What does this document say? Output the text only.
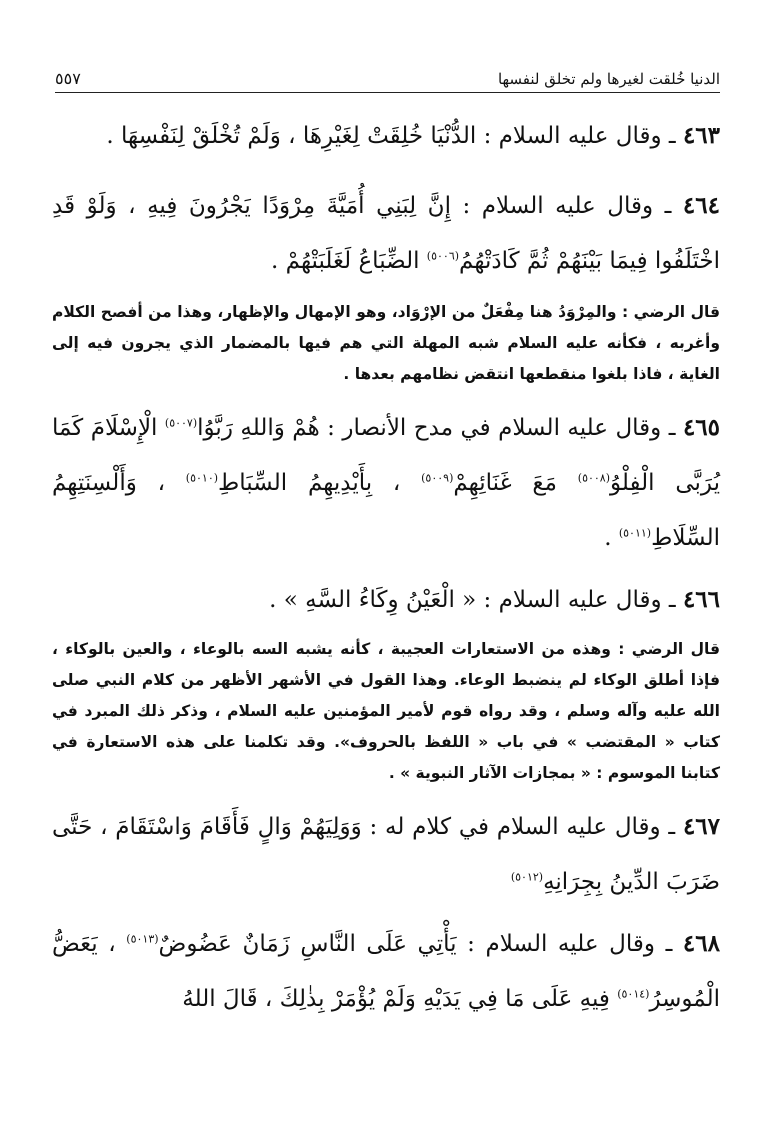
الدنيا خُلقت لغيرها ولم تخلق لنفسها
٥٥٧

٤٦٣ ـ وقال عليه السلام : الدُّنْيَا خُلِقَتْ لِغَيْرِهَا ، وَلَمْ تُخْلَقْ لِنَفْسِهَا .

٤٦٤ ـ وقال عليه السلام : إِنَّ لِبَنِي أُمَيَّةَ مِرْوَدًا يَجْرُونَ فِيهِ ، وَلَوْ قَدِ اخْتَلَفُوا فِيمَا بَيْنَهُمْ ثُمَّ كَادَتْهُمُ$^{(٥٠٠٦)}$ الضِّبَاعُ لَغَلَبَتْهُمْ .

قال الرضي : والمِرْوَدُ هنا مِفْعَلٌ من الإرْوَاد، وهو الإمهال والإظهار، وهذا من أفصح الكلام وأغربه ، فكأنه عليه السلام شبه المهلة التي هم فيها بالمضمار الذي يجرون فيه إلى الغاية ، فاذا بلغوا منقطعها انتقض نظامهم بعدها .

٤٦٥ ـ وقال عليه السلام في مدح الأنصار : هُمْ وَاللهِ رَبَّوُا$^{(٥٠٠٧)}$ الْإِسْلَامَ كَمَا يُرَبَّى الْفِلْوُ$^{(٥٠٠٨)}$ مَعَ غَنَائِهِمْ$^{(٥٠٠٩)}$ ، بِأَيْدِيهِمُ السِّبَاطِ$^{(٥٠١٠)}$ ، وَأَلْسِنَتِهِمُ السِّلَاطِ$^{(٥٠١١)}$ .

٤٦٦ ـ وقال عليه السلام : « الْعَيْنُ وِكَاءُ السَّهِ » .

قال الرضي : وهذه من الاستعارات العجيبة ، كأنه يشبه السه بالوعاء ، والعين بالوكاء ، فإذا أطلق الوكاء لم ينضبط الوعاء. وهذا القول في الأشهر الأظهر من كلام النبي صلى الله عليه وآله وسلم ، وقد رواه قوم لأمير المؤمنين عليه السلام ، وذكر ذلك المبرد في كتاب « المقتضب » في باب « اللفظ بالحروف». وقد تكلمنا على هذه الاستعارة في كتابنا الموسوم : « بمجازات الآثار النبوية » .

٤٦٧ ـ وقال عليه السلام في كلام له : وَوَلِيَهُمْ وَالٍ فَأَقَامَ وَاسْتَقَامَ ، حَتَّى ضَرَبَ الدِّينُ بِجِرَانِهِ$^{(٥٠١٢)}$

٤٦٨ ـ وقال عليه السلام : يَأْتِي عَلَى النَّاسِ زَمَانٌ عَضُوضٌ$^{(٥٠١٣)}$ ، يَعَضُّ الْمُوسِرُ$^{(٥٠١٤)}$ فِيهِ عَلَى مَا فِي يَدَيْهِ وَلَمْ يُؤْمَرْ بِذٰلِكَ ، قَالَ اللهُ
